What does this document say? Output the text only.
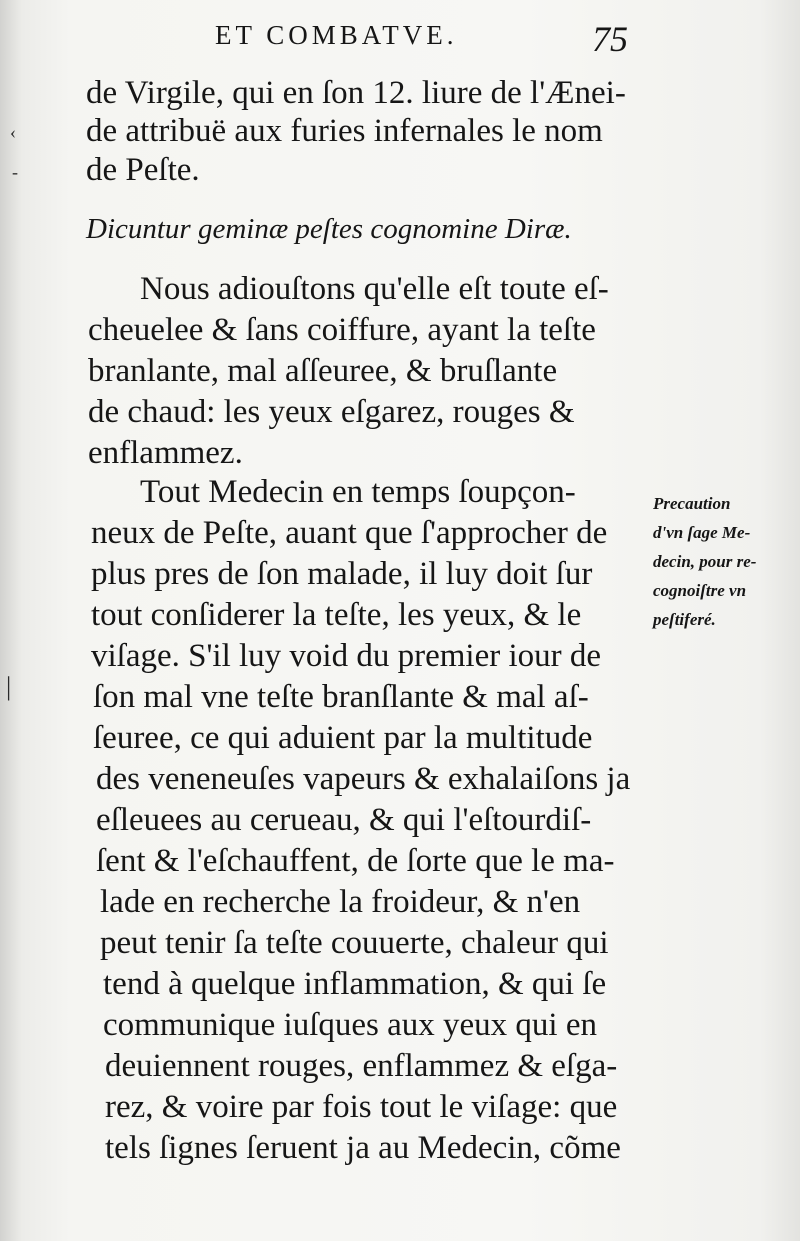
ET COMBATVE.	75
‹
-
|
de Virgile, qui en ſon 12. liure de l'Ænei-
de attribuë aux furies infernales le nom
de Peſte.
Dicuntur geminæ peſtes cognomine Diræ.
Nous adiouſtons qu'elle eſt toute eſ-
cheuelee & ſans coiffure, ayant la teſte
branlante, mal aſſeuree, & bruſlante
de chaud: les yeux eſgarez, rouges &
enflammez.
Tout Medecin en temps ſoupçon-
neux de Peſte, auant que ſ'approcher de
plus pres de ſon malade, il luy doit ſur
tout conſiderer la teſte, les yeux, & le
viſage. S'il luy void du premier iour de
ſon mal vne teſte branſlante & mal aſ-
ſeuree, ce qui aduient par la multitude
des veneneuſes vapeurs & exhalaiſons ja
eſleuees au cerueau, & qui l'eſtourdiſ-
ſent & l'eſchauffent, de ſorte que le ma-
lade en recherche la froideur, & n'en
peut tenir ſa teſte couuerte, chaleur qui
tend à quelque inflammation, & qui ſe
communique iuſques aux yeux qui en
deuiennent rouges, enflammez & eſga-
rez, & voire par fois tout le viſage: que
tels ſignes ſeruent ja au Medecin, cõme
Precaution
d'vn ſage Me-
decin, pour re-
cognoiſtre vn
peſtiferé.
